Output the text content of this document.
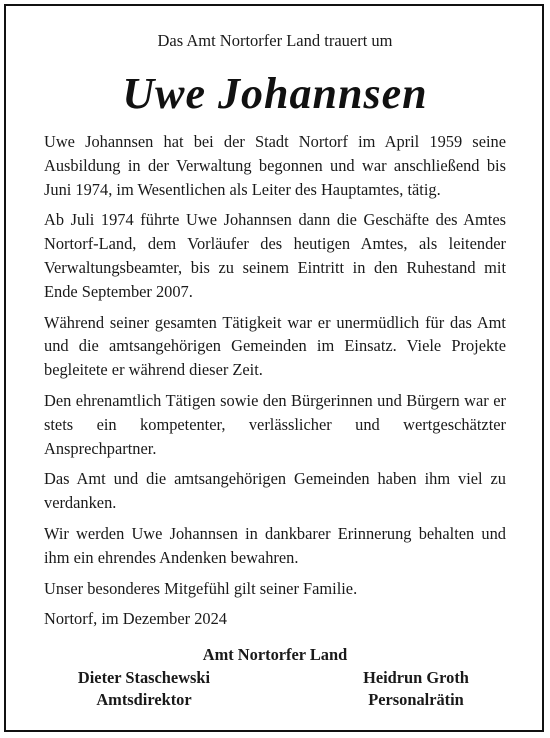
Das Amt Nortorfer Land trauert um

Uwe Johannsen

Uwe Johannsen hat bei der Stadt Nortorf im April 1959 seine Ausbildung in der Verwaltung begonnen und war anschließend bis Juni 1974, im Wesentlichen als Leiter des Hauptamtes, tätig.

Ab Juli 1974 führte Uwe Johannsen dann die Geschäfte des Amtes Nortorf-Land, dem Vorläufer des heutigen Amtes, als leitender Verwaltungsbeamter, bis zu seinem Eintritt in den Ruhestand mit Ende September 2007.

Während seiner gesamten Tätigkeit war er unermüdlich für das Amt und die amtsangehörigen Gemeinden im Einsatz. Viele Projekte begleitete er während dieser Zeit.

Den ehrenamtlich Tätigen sowie den Bürgerinnen und Bürgern war er stets ein kompetenter, verlässlicher und wertgeschätzter Ansprechpartner.

Das Amt und die amtsangehörigen Gemeinden haben ihm viel zu verdanken.

Wir werden Uwe Johannsen in dankbarer Erinnerung behalten und ihm ein ehrendes Andenken bewahren.

Unser besonderes Mitgefühl gilt seiner Familie.

Nortorf, im Dezember 2024

Amt Nortorfer Land

Dieter Staschewski
Amtsdirektor
Heidrun Groth
Personalrätin
